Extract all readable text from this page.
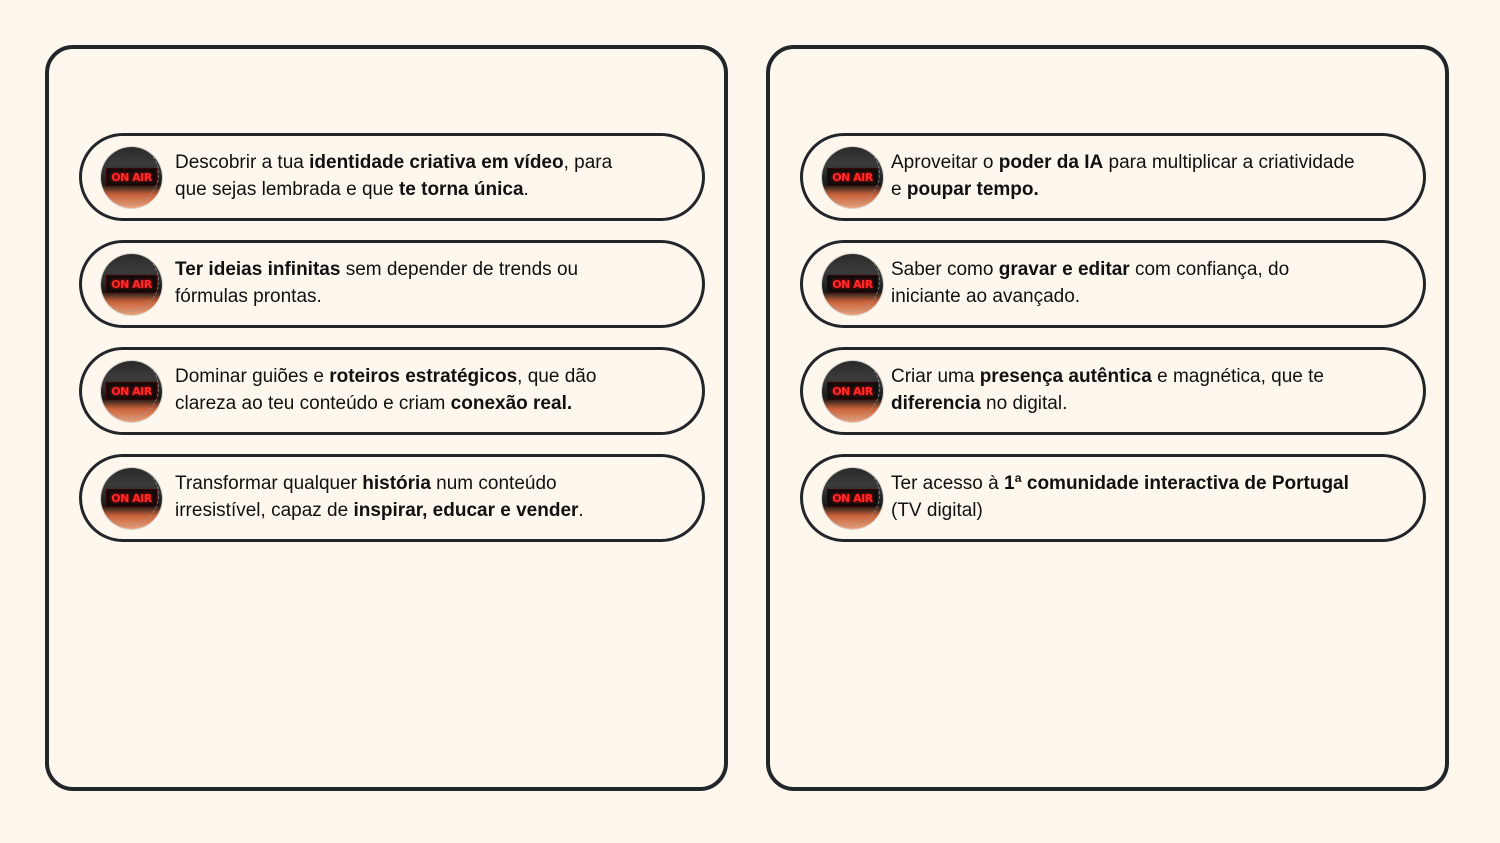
ON AIR
Descobrir a tua identidade criativa em vídeo, para
que sejas lembrada e que te torna única.
ON AIR
Ter ideias infinitas sem depender de trends ou
fórmulas prontas.
ON AIR
Dominar guiões e roteiros estratégicos, que dão
clareza ao teu conteúdo e criam conexão real.
ON AIR
Transformar qualquer história num conteúdo
irresistível, capaz de inspirar, educar e vender.
ON AIR
Aproveitar o poder da IA para multiplicar a criatividade
e poupar tempo.
ON AIR
Saber como gravar e editar com confiança, do
iniciante ao avançado.
ON AIR
Criar uma presença autêntica e magnética, que te
diferencia no digital.
ON AIR
Ter acesso à 1ª comunidade interactiva de Portugal
(TV digital)
